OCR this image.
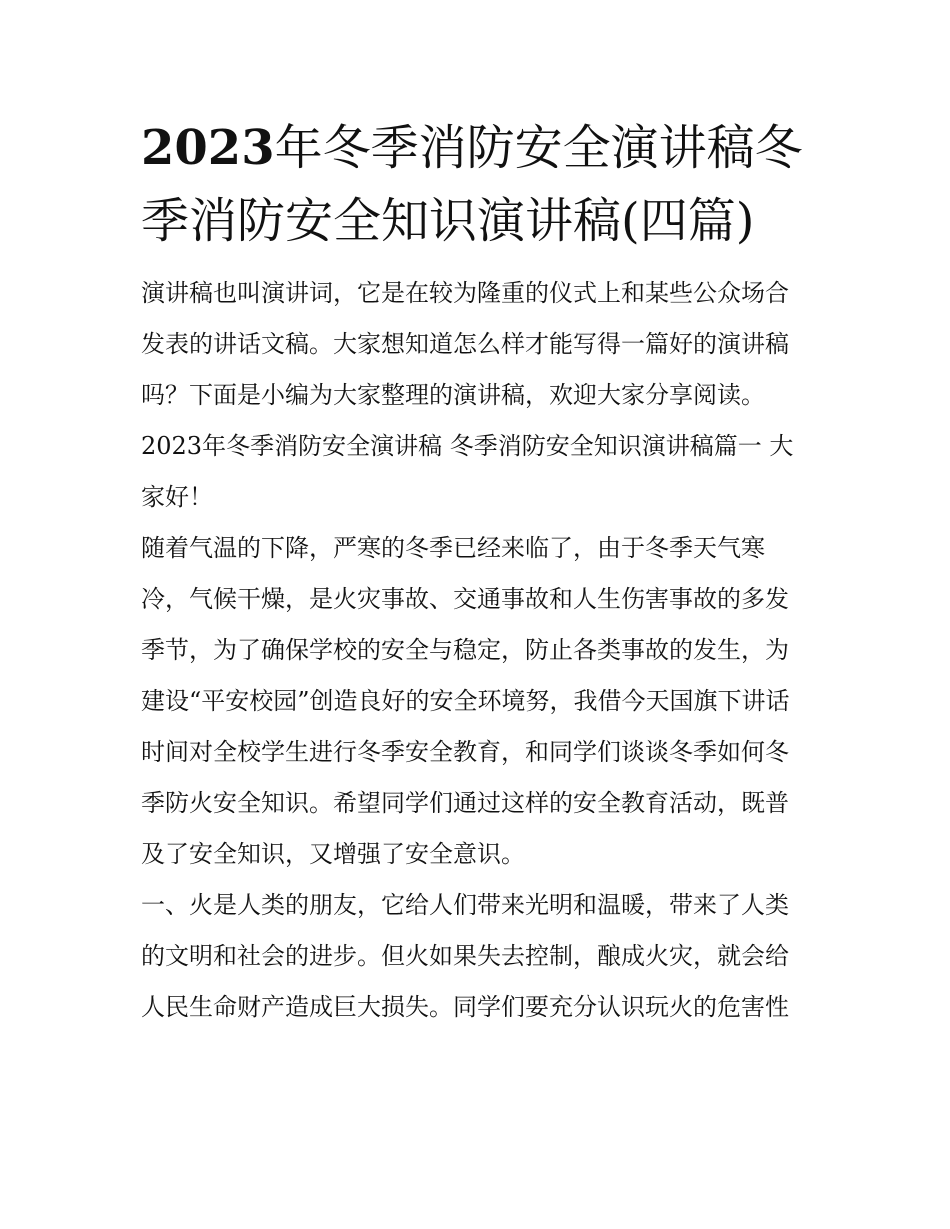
2023年冬季消防安全演讲稿冬季消防安全知识演讲稿(四篇)

演讲稿也叫演讲词，它是在较为隆重的仪式上和某些公众场合发表的讲话文稿。大家想知道怎么样才能写得一篇好的演讲稿吗？下面是小编为大家整理的演讲稿，欢迎大家分享阅读。

2023年冬季消防安全演讲稿 冬季消防安全知识演讲稿篇一 大家好！

随着气温的下降，严寒的冬季已经来临了，由于冬季天气寒冷，气候干燥，是火灾事故、交通事故和人生伤害事故的多发季节，为了确保学校的安全与稳定，防止各类事故的发生，为建设“平安校园”创造良好的安全环境努，我借今天国旗下讲话时间对全校学生进行冬季安全教育，和同学们谈谈冬季如何冬季防火安全知识。希望同学们通过这样的安全教育活动，既普及了安全知识，又增强了安全意识。

一、火是人类的朋友，它给人们带来光明和温暖，带来了人类的文明和社会的进步。但火如果失去控制，酿成火灾，就会给人民生命财产造成巨大损失。同学们要充分认识玩火的危害性
